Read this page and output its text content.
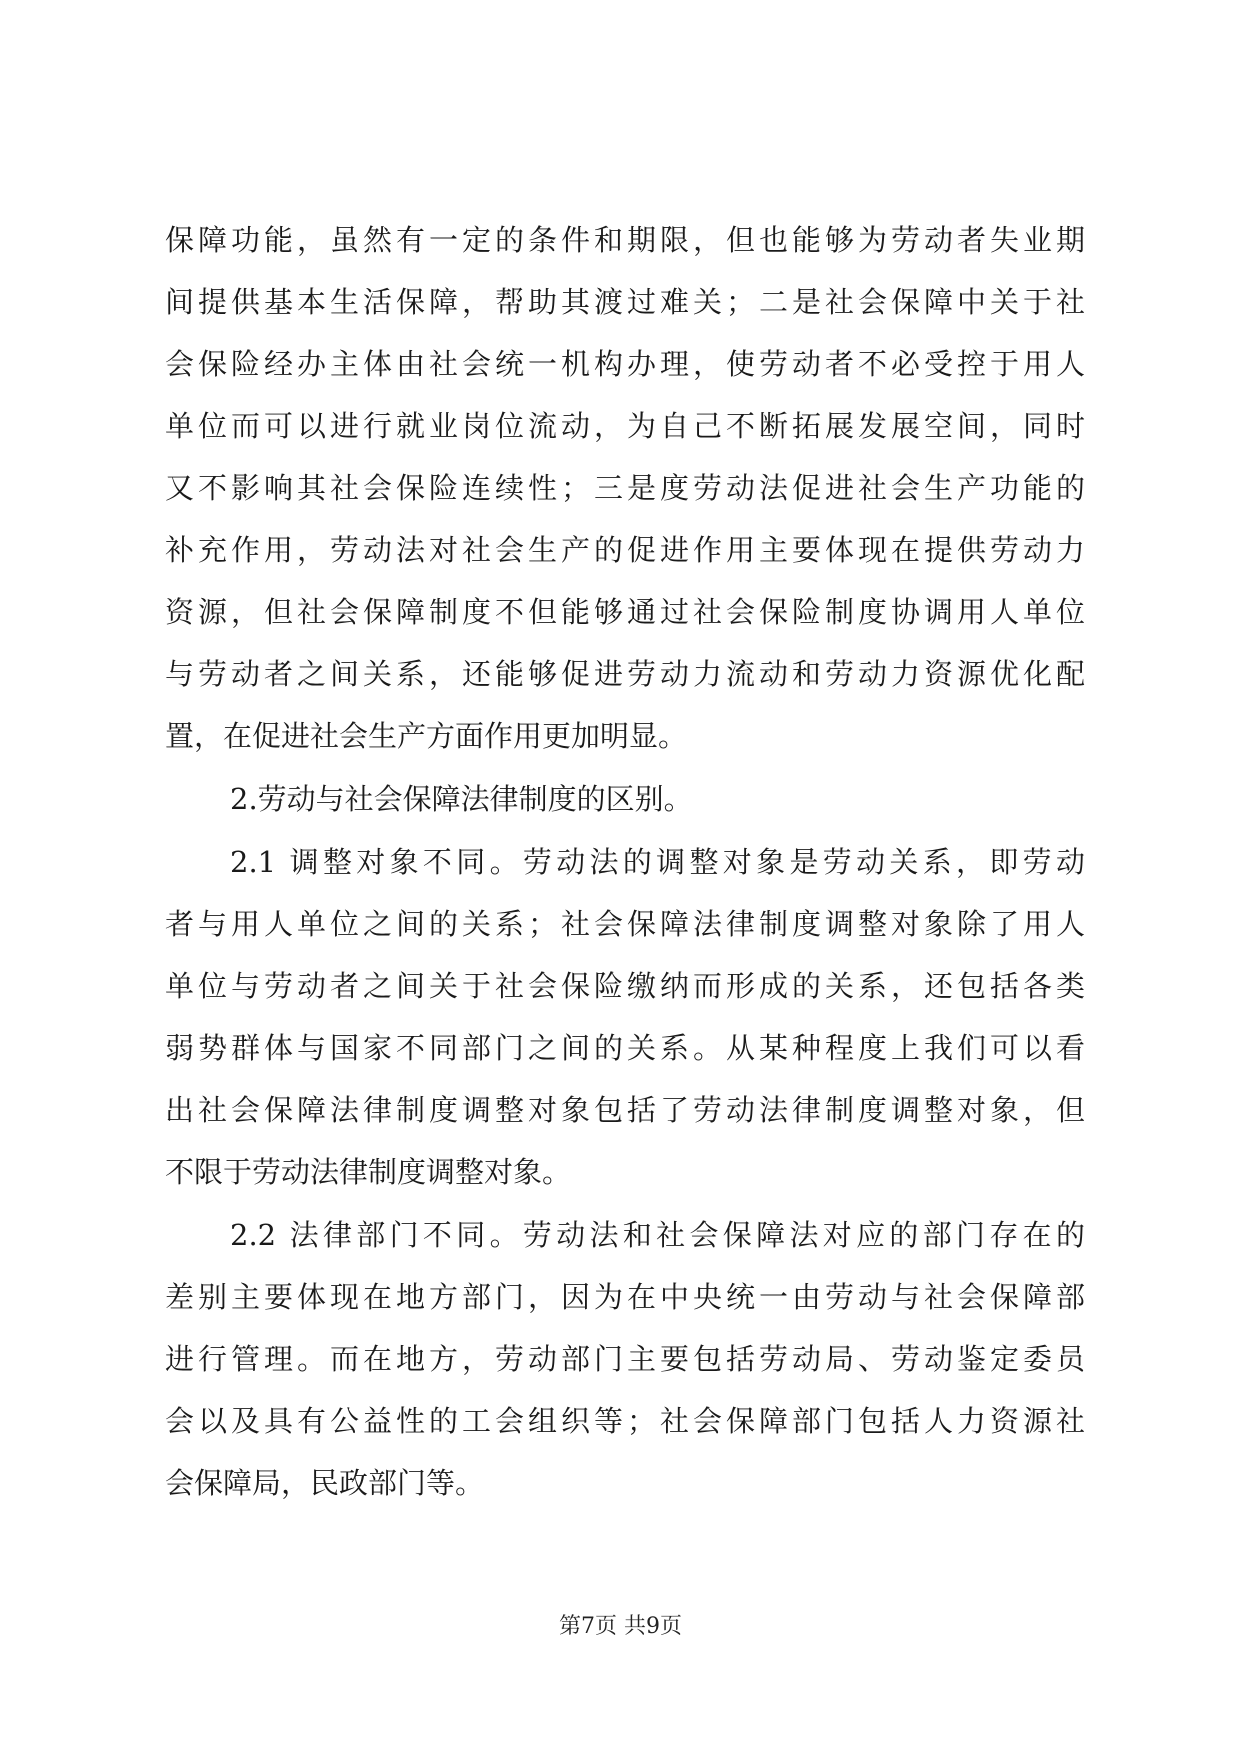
保障功能，虽然有一定的条件和期限，但也能够为劳动者失业期
间提供基本生活保障，帮助其渡过难关；二是社会保障中关于社
会保险经办主体由社会统一机构办理，使劳动者不必受控于用人
单位而可以进行就业岗位流动，为自己不断拓展发展空间，同时
又不影响其社会保险连续性；三是度劳动法促进社会生产功能的
补充作用，劳动法对社会生产的促进作用主要体现在提供劳动力
资源，但社会保障制度不但能够通过社会保险制度协调用人单位
与劳动者之间关系，还能够促进劳动力流动和劳动力资源优化配
置，在促进社会生产方面作用更加明显。
2.劳动与社会保障法律制度的区别。
2.1 调整对象不同。劳动法的调整对象是劳动关系，即劳动
者与用人单位之间的关系；社会保障法律制度调整对象除了用人
单位与劳动者之间关于社会保险缴纳而形成的关系，还包括各类
弱势群体与国家不同部门之间的关系。从某种程度上我们可以看
出社会保障法律制度调整对象包括了劳动法律制度调整对象，但
不限于劳动法律制度调整对象。
2.2 法律部门不同。劳动法和社会保障法对应的部门存在的
差别主要体现在地方部门，因为在中央统一由劳动与社会保障部
进行管理。而在地方，劳动部门主要包括劳动局、劳动鉴定委员
会以及具有公益性的工会组织等；社会保障部门包括人力资源社
会保障局，民政部门等。
第7页 共9页
